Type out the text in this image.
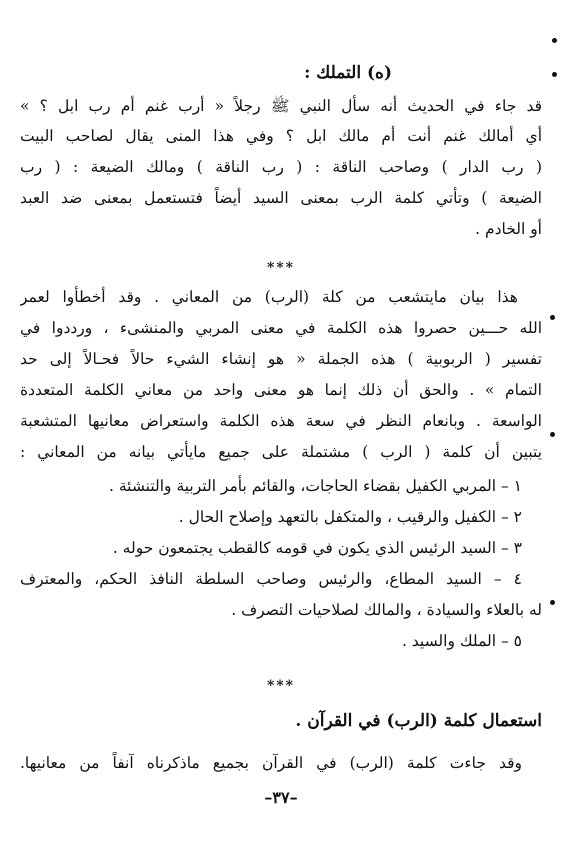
(ه) التملك :
قد جاء في الحديث أنه سأل النبي ﷺ رجلاً « أرب غنم أم رب ابل ؟ »
أي أمالك غنم أنت أم مالك ابل ؟ وفي هذا المنى يقال لصاحب البيت
( رب الدار ) وصاحب الناقة : ( رب الناقة ) ومالك الضيعة : ( رب
الضيعة ) وتأتي كلمة الرب بمعنى السيد أيضاً فتستعمل بمعنى ضد العبد
أو الخادم .
***
هذا بيان مايتشعب من كلة (الرب) من المعاني . وقد أخطأوا لعمر
الله حـــين حصروا هذه الكلمة في معنى المربي والمنشىء ، ورددوا في
تفسير ( الربوبية ) هذه الجملة « هو إنشاء الشيء حالاً فحـالاً إلى حد
التمام » . والحق أن ذلك إنما هو معنى واحد من معاني الكلمة المتعددة
الواسعة . وبانعام النظر في سعة هذه الكلمة واستعراض معانيها المتشعبة
يتبين أن كلمة ( الرب ) مشتملة على جميع مايأتي بيانه من المعاني :
١ – المربي الكفيل بقضاء الحاجات، والقائم بأمر التربية والتنشئة .
٢ – الكفيل والرقيب ، والمتكفل بالتعهد وإصلاح الحال .
٣ – السيد الرئيس الذي يكون في قومه كالقطب يجتمعون حوله .
٤ – السيد المطاع، والرئيس وصاحب السلطة النافذ الحكم، والمعترف
له بالعلاء والسيادة ، والمالك لصلاحيات التصرف .
٥ – الملك والسيد .
***
استعمال كلمة (الرب) في القرآن .
وقد جاءت كلمة (الرب) في القرآن بجميع ماذكرناه آنفاً من معانيها.
–٣٧–
